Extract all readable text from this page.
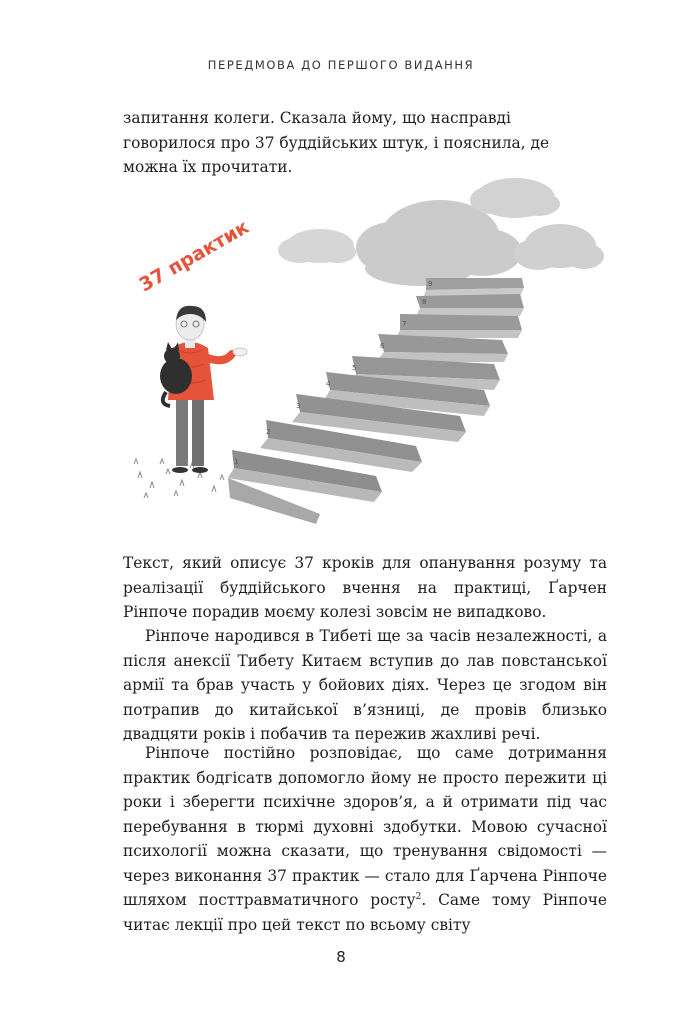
ПЕРЕДМОВА ДО ПЕРШОГО ВИДАННЯ

запитання колеги. Сказала йому, що насправді говорилося про 37 буддійських штук, і пояснила, де можна їх прочитати.

1
2
3
4
5
6
7
8
9
37 практик

Текст, який описує 37 кроків для опанування розуму та реалізації буддійського вчення на практиці, Ґарчен Рінпоче порадив моєму колезі зовсім не випадково.

Рінпоче народився в Тибеті ще за часів незалежності, а після анексії Тибету Китаєм вступив до лав повстанської армії та брав участь у бойових діях. Через це згодом він потрапив до китайської в’язниці, де провів близько двадцяти років і побачив та пережив жахливі речі.

Рінпоче постійно розповідає, що саме дотримання практик бодгісатв допомогло йому не просто пережити ці роки і зберегти психічне здоров’я, а й отримати під час перебування в тюрмі духовні здобутки. Мовою сучасної психології можна сказати, що тренування свідомості — через виконання 37 практик — стало для Ґарчена Рінпоче шляхом посттравматичного росту$^2$. Саме тому Рінпоче читає лекції про цей текст по всьому світу

8
